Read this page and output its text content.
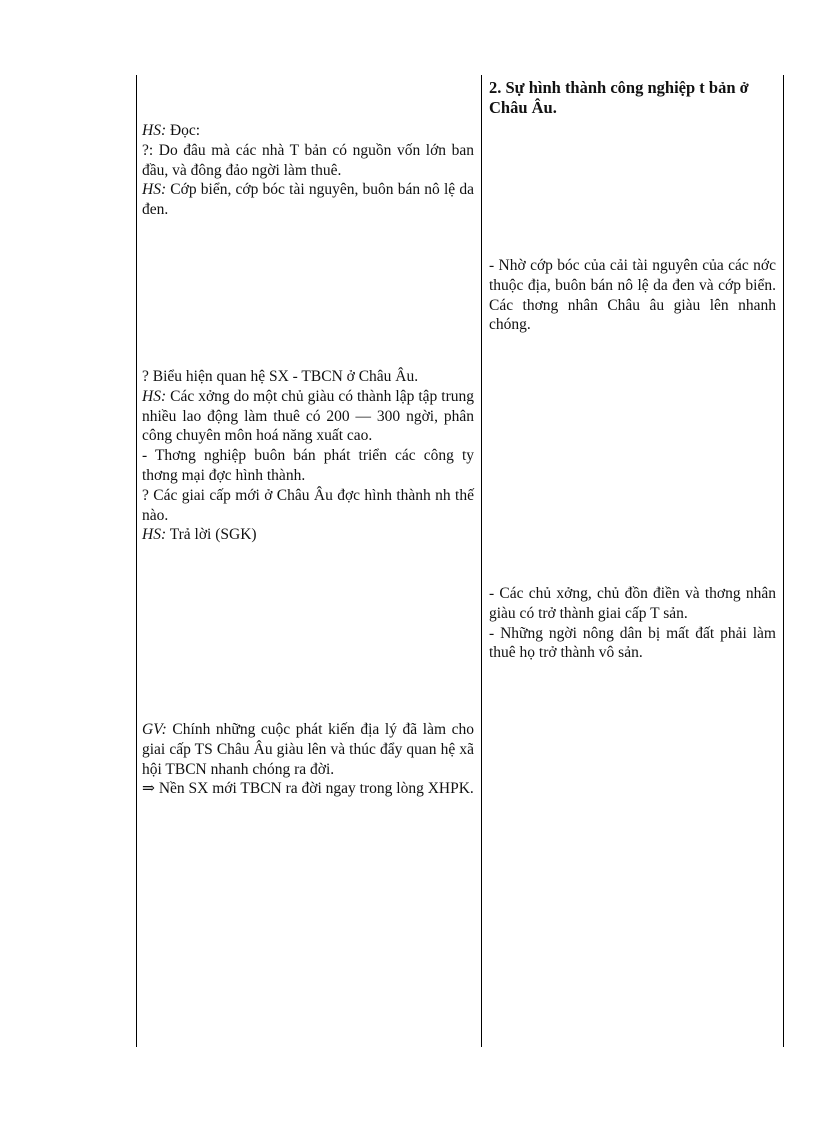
HS: Đọc:

?: Do đâu mà các nhà T bản có nguồn vốn lớn ban đầu, và đông đảo ngời làm thuê.

HS: Cớp biển, cớp bóc tài nguyên, buôn bán nô lệ da đen.

? Biểu hiện quan hệ SX - TBCN ở Châu Âu.

HS: Các xởng do một chủ giàu có thành lập tập trung nhiều lao động làm thuê có 200 — 300 ngời, phân công chuyên môn hoá năng xuất cao.

- Thơng nghiệp buôn bán phát triển các công ty thơng mại đợc hình thành.

? Các giai cấp mới ở Châu Âu đợc hình thành nh thế nào.

HS: Trả lời (SGK)

GV: Chính những cuộc phát kiến địa lý đã làm cho giai cấp TS Châu Âu giàu lên và thúc đẩy quan hệ xã hội TBCN nhanh chóng ra đời.

⇒ Nền SX mới TBCN ra đời ngay trong lòng XHPK.

2. Sự hình thành công nghiệp t bản ở Châu Âu.
- Nhờ cớp bóc của cải tài nguyên của các nớc thuộc địa, buôn bán nô lệ da đen và cớp biển. Các thơng nhân Châu âu giàu lên nhanh chóng.

- Các chủ xởng, chủ đồn điền và thơng nhân giàu có trở thành giai cấp T sản.

- Những ngời nông dân bị mất đất phải làm thuê họ trở thành vô sản.
